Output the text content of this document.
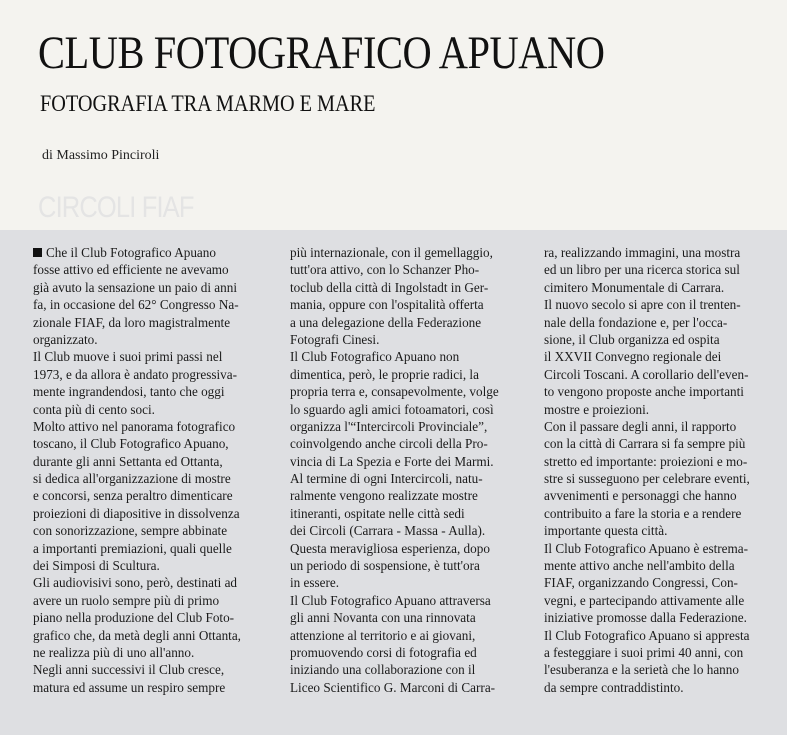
CLUB FOTOGRAFICO APUANO
FOTOGRAFIA TRA MARMO E MARE
di Massimo Pinciroli
CIRCOLI FIAF
Che il Club Fotografico Apuano
fosse attivo ed efficiente ne avevamo
già avuto la sensazione un paio di anni
fa, in occasione del 62° Congresso Na-
zionale FIAF, da loro magistralmente
organizzato.
Il Club muove i suoi primi passi nel
1973, e da allora è andato progressiva-
mente ingrandendosi, tanto che oggi
conta più di cento soci.
Molto attivo nel panorama fotografico
toscano, il Club Fotografico Apuano,
durante gli anni Settanta ed Ottanta,
si dedica all'organizzazione di mostre
e concorsi, senza peraltro dimenticare
proiezioni di diapositive in dissolvenza
con sonorizzazione, sempre abbinate
a importanti premiazioni, quali quelle
dei Simposi di Scultura.
Gli audiovisivi sono, però, destinati ad
avere un ruolo sempre più di primo
piano nella produzione del Club Foto-
grafico che, da metà degli anni Ottanta,
ne realizza più di uno all'anno.
Negli anni successivi il Club cresce,
matura ed assume un respiro sempre
più internazionale, con il gemellaggio,
tutt'ora attivo, con lo Schanzer Pho-
toclub della città di Ingolstadt in Ger-
mania, oppure con l'ospitalità offerta
a una delegazione della Federazione
Fotografi Cinesi.
Il Club Fotografico Apuano non
dimentica, però, le proprie radici, la
propria terra e, consapevolmente, volge
lo sguardo agli amici fotoamatori, così
organizza l'“Intercircoli Provinciale”,
coinvolgendo anche circoli della Pro-
vincia di La Spezia e Forte dei Marmi.
Al termine di ogni Intercircoli, natu-
ralmente vengono realizzate mostre
itineranti, ospitate nelle città sedi
dei Circoli (Carrara - Massa - Aulla).
Questa meravigliosa esperienza, dopo
un periodo di sospensione, è tutt'ora
in essere.
Il Club Fotografico Apuano attraversa
gli anni Novanta con una rinnovata
attenzione al territorio e ai giovani,
promuovendo corsi di fotografia ed
iniziando una collaborazione con il
Liceo Scientifico G. Marconi di Carra-
ra, realizzando immagini, una mostra
ed un libro per una ricerca storica sul
cimitero Monumentale di Carrara.
Il nuovo secolo si apre con il trenten-
nale della fondazione e, per l'occa-
sione, il Club organizza ed ospita
il XXVII Convegno regionale dei
Circoli Toscani. A corollario dell'even-
to vengono proposte anche importanti
mostre e proiezioni.
Con il passare degli anni, il rapporto
con la città di Carrara si fa sempre più
stretto ed importante: proiezioni e mo-
stre si susseguono per celebrare eventi,
avvenimenti e personaggi che hanno
contribuito a fare la storia e a rendere
importante questa città.
Il Club Fotografico Apuano è estrema-
mente attivo anche nell'ambito della
FIAF, organizzando Congressi, Con-
vegni, e partecipando attivamente alle
iniziative promosse dalla Federazione.
Il Club Fotografico Apuano si appresta
a festeggiare i suoi primi 40 anni, con
l'esuberanza e la serietà che lo hanno
da sempre contraddistinto.
